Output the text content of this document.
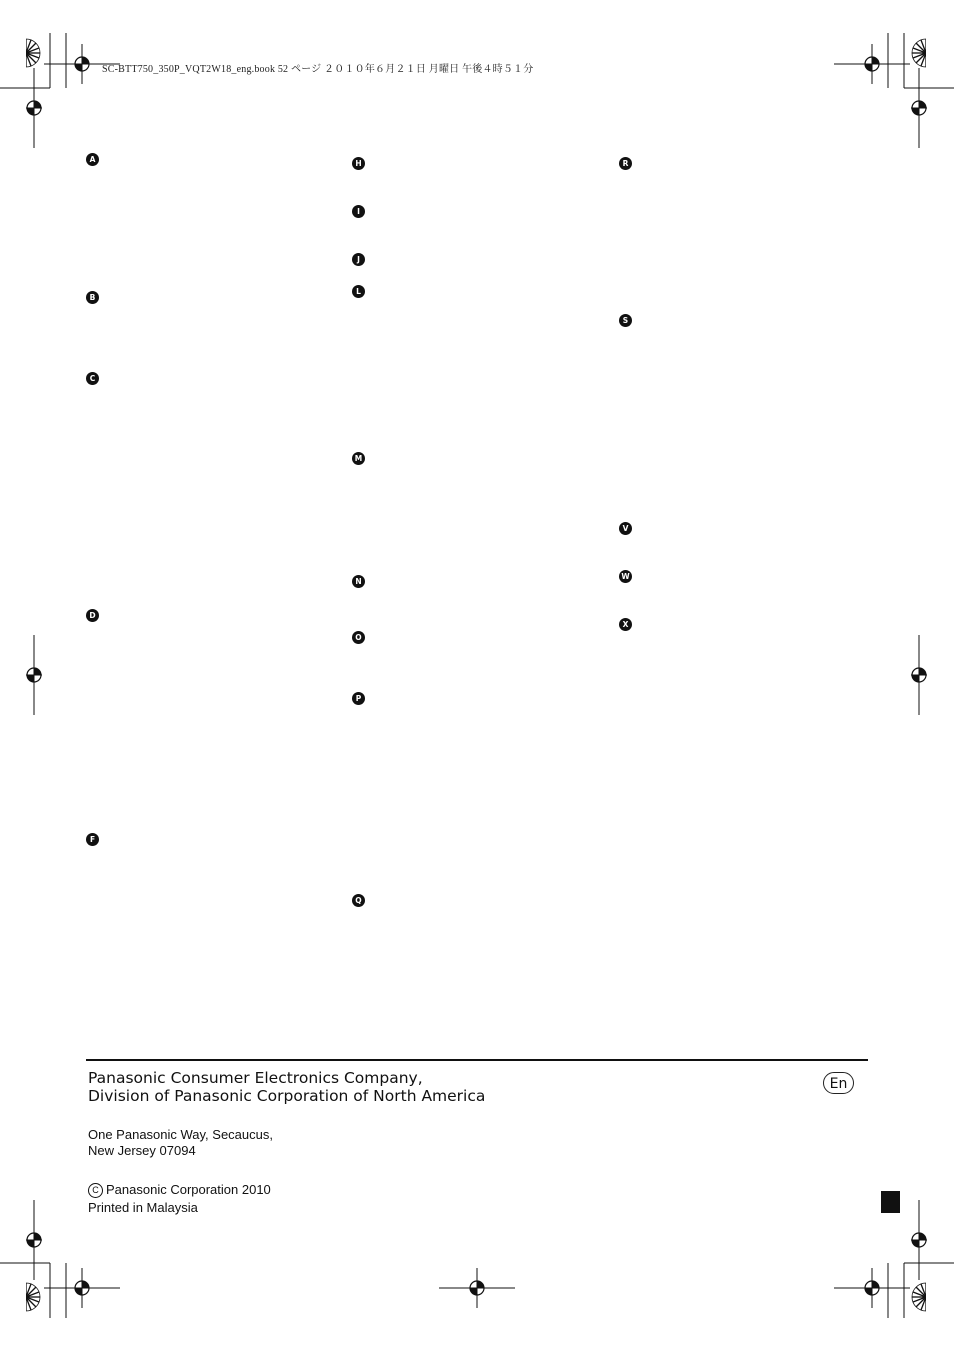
SC-BTT750_350P_VQT2W18_eng.book 52 ページ ２０１０年６月２１日 月曜日 午後４時５１分
A
B
C
D
F
H
I
J
L
M
N
O
P
Q
R
S
V
W
X
Panasonic Consumer Electronics Company,
Division of Panasonic Corporation of North America
En
One Panasonic Way, Secaucus,
New Jersey 07094
C Panasonic Corporation 2010
Printed in Malaysia
